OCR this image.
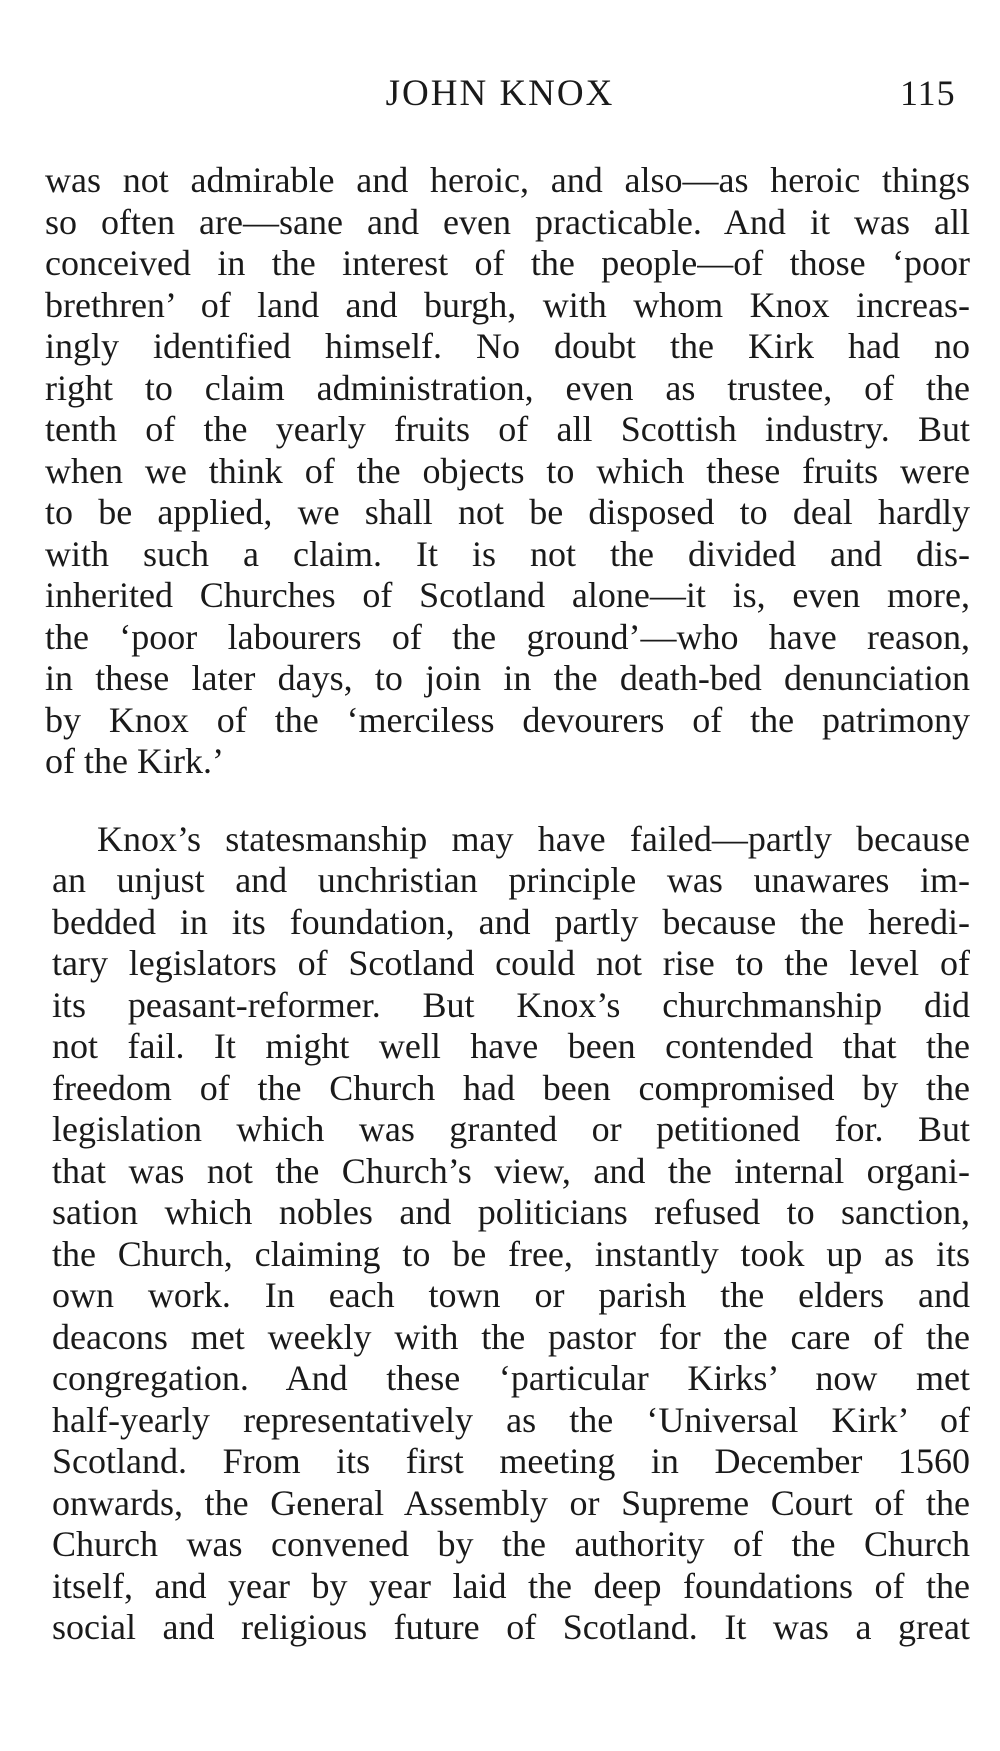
JOHN KNOX	115
was not admirable and heroic, and also—as heroic things
so often are—sane and even practicable. And it was all
conceived in the interest of the people—of those ‘poor
brethren’ of land and burgh, with whom Knox increas-
ingly identified himself. No doubt the Kirk had no
right to claim administration, even as trustee, of the
tenth of the yearly fruits of all Scottish industry. But
when we think of the objects to which these fruits were
to be applied, we shall not be disposed to deal hardly
with such a claim. It is not the divided and dis-
inherited Churches of Scotland alone—it is, even more,
the ‘poor labourers of the ground’—who have reason,
in these later days, to join in the death-bed denunciation
by Knox of the ‘merciless devourers of the patrimony
of the Kirk.’
Knox’s statesmanship may have failed—partly because
an unjust and unchristian principle was unawares im-
bedded in its foundation, and partly because the heredi-
tary legislators of Scotland could not rise to the level of
its peasant-reformer. But Knox’s churchmanship did
not fail. It might well have been contended that the
freedom of the Church had been compromised by the
legislation which was granted or petitioned for. But
that was not the Church’s view, and the internal organi-
sation which nobles and politicians refused to sanction,
the Church, claiming to be free, instantly took up as its
own work. In each town or parish the elders and
deacons met weekly with the pastor for the care of the
congregation. And these ‘particular Kirks’ now met
half-yearly representatively as the ‘Universal Kirk’ of
Scotland. From its first meeting in December 1560
onwards, the General Assembly or Supreme Court of the
Church was convened by the authority of the Church
itself, and year by year laid the deep foundations of the
social and religious future of Scotland. It was a great
